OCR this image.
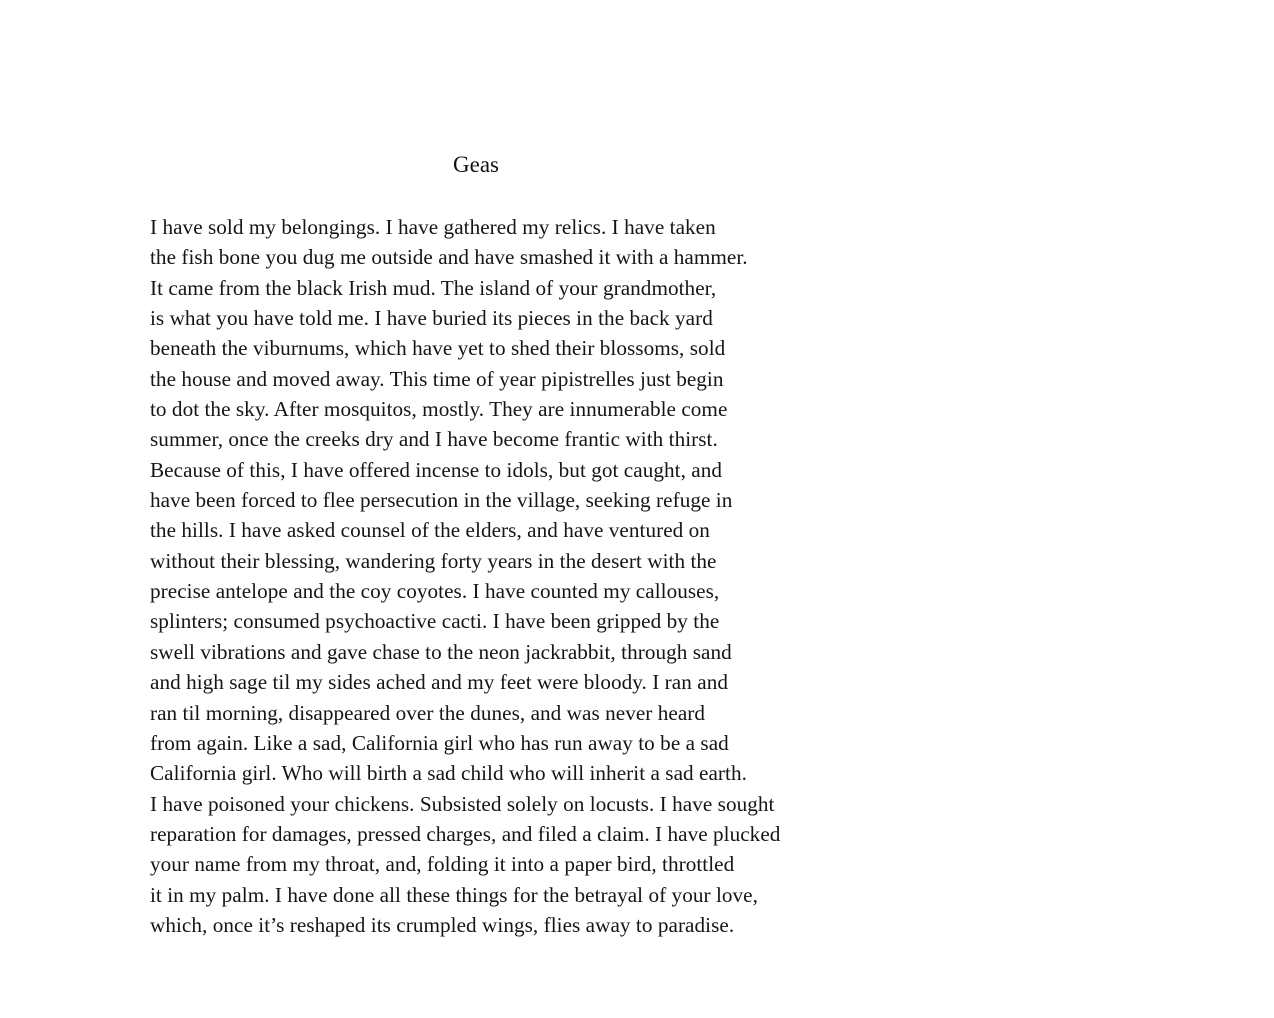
Geas
I have sold my belongings. I have gathered my relics. I have taken
the fish bone you dug me outside and have smashed it with a hammer.
It came from the black Irish mud. The island of your grandmother,
is what you have told me. I have buried its pieces in the back yard
beneath the viburnums, which have yet to shed their blossoms, sold
the house and moved away. This time of year pipistrelles just begin
to dot the sky. After mosquitos, mostly. They are innumerable come
summer, once the creeks dry and I have become frantic with thirst.
Because of this, I have offered incense to idols, but got caught, and
have been forced to flee persecution in the village, seeking refuge in
the hills. I have asked counsel of the elders, and have ventured on
without their blessing, wandering forty years in the desert with the
precise antelope and the coy coyotes. I have counted my callouses,
splinters; consumed psychoactive cacti. I have been gripped by the
swell vibrations and gave chase to the neon jackrabbit, through sand
and high sage til my sides ached and my feet were bloody. I ran and
ran til morning, disappeared over the dunes, and was never heard
from again. Like a sad, California girl who has run away to be a sad
California girl. Who will birth a sad child who will inherit a sad earth.
I have poisoned your chickens. Subsisted solely on locusts. I have sought
reparation for damages, pressed charges, and filed a claim. I have plucked
your name from my throat, and, folding it into a paper bird, throttled
it in my palm. I have done all these things for the betrayal of your love,
which, once it’s reshaped its crumpled wings, flies away to paradise.
